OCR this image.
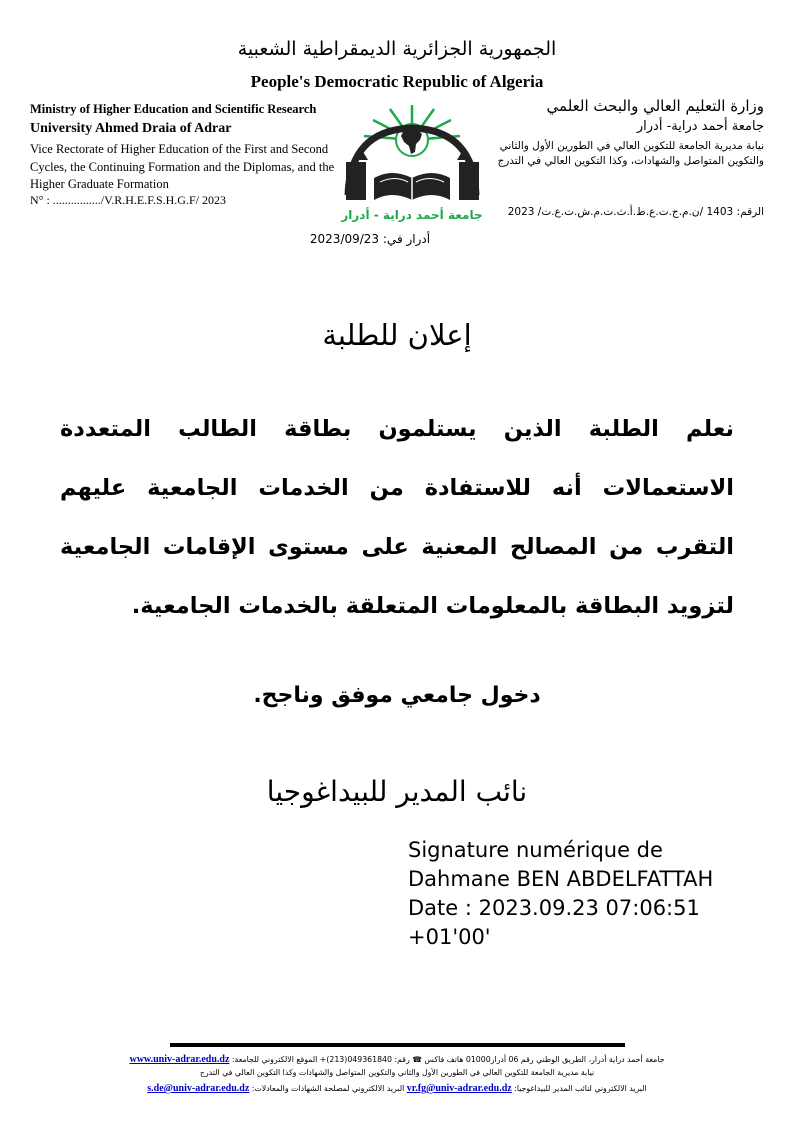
الجمهورية الجزائرية الديمقراطية الشعبية
People's Democratic Republic of Algeria
Ministry of Higher Education and Scientific Research
University Ahmed Draia of Adrar
Vice Rectorate of Higher Education of the First and Second Cycles, the Continuing Formation and the Diplomas, and the Higher Graduate Formation
N° : ................/V.R.H.E.F.S.H.G.F/ 2023
جامعة أحمد دراية - أدرار
أدرار في: 2023/09/23
وزارة التعليم العالي والبحث العلمي
جامعة أحمد دراية- أدرار
نيابة مديرية الجامعة للتكوين العالي في الطورين الأول والثاني والتكوين المتواصل والشهادات، وكذا التكوين العالي في التدرج
الرقم: 1403 /ن.م.ج.ت.ع.ط.أ.ث.ت.م.ش.ت.ع.ت/ 2023
إعلان للطلبة
نعلم الطلبة الذين يستلمون بطاقة الطالب المتعددة الاستعمالات أنه للاستفادة من الخدمات الجامعية عليهم التقرب من المصالح المعنية على مستوى الإقامات الجامعية لتزويد البطاقة بالمعلومات المتعلقة بالخدمات الجامعية.
دخول جامعي موفق وناجح.
نائب المدير للبيداغوجيا
Signature numérique de
Dahmane BEN ABDELFATTAH
Date : 2023.09.23 07:06:51 +01'00'
جامعة أحمد دراية أدرار، الطريق الوطني رقم 06 أدرار01000 هاتف فاكس ☎ رقم: 049361840(213)+ الموقع الالكتروني للجامعة: www.univ-adrar.edu.dz
نيابة مديرية الجامعة للتكوين العالي في الطورين الأول والثاني والتكوين المتواصل والشهادات وكذا التكوين العالي في التدرج
البريد الالكتروني لنائب المدير للبيداغوجيا: vr.fg@univ-adrar.edu.dz البريد الالكتروني لمصلحة الشهادات والمعادلات: s.de@univ-adrar.edu.dz
